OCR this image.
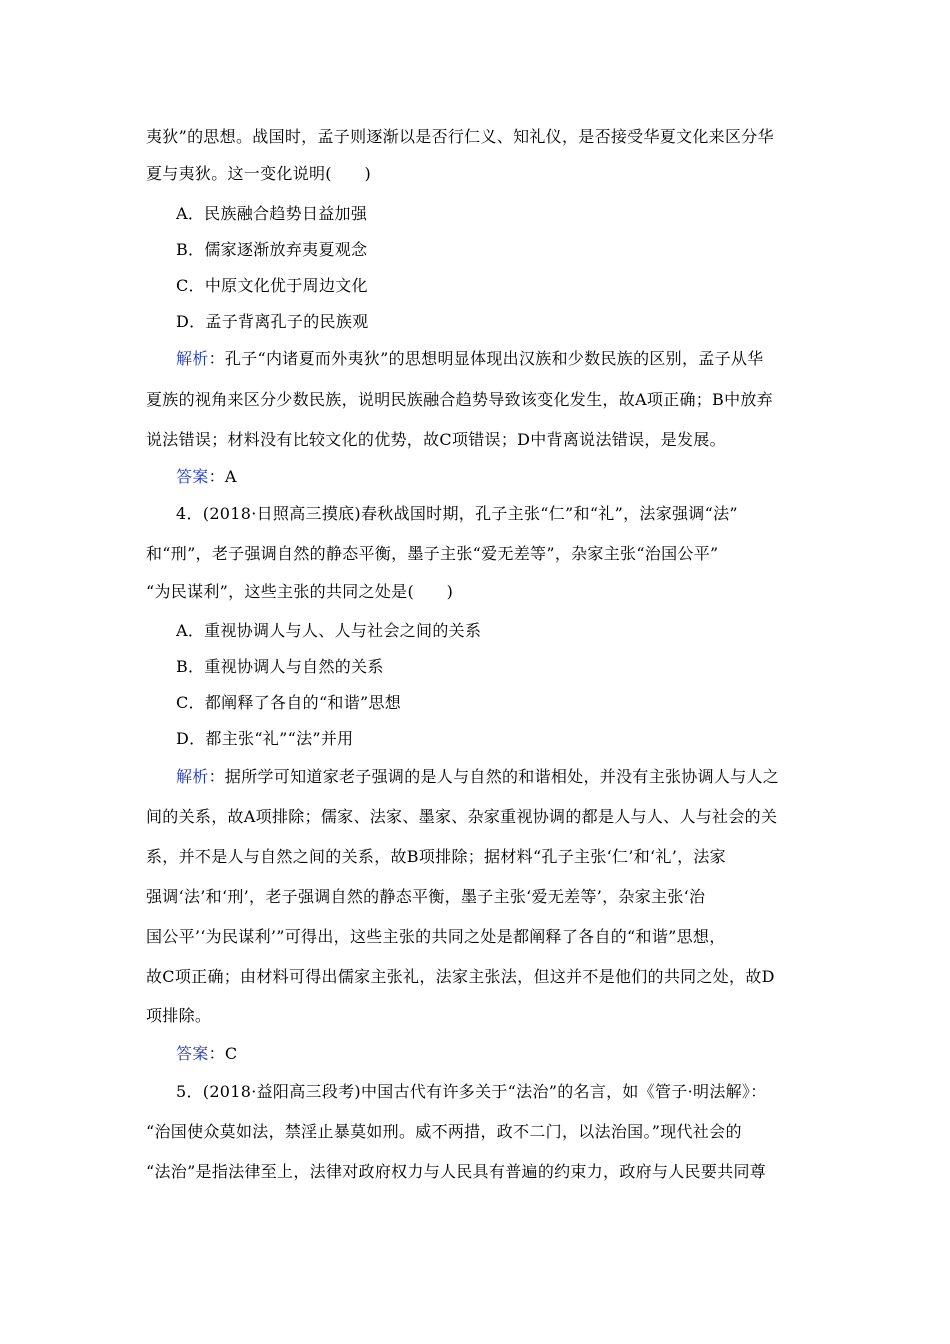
夷狄”的思想。战国时，孟子则逐渐以是否行仁义、知礼仪，是否接受华夏文化来区分华
夏与夷狄。这一变化说明(　　)
A．民族融合趋势日益加强
B．儒家逐渐放弃夷夏观念
C．中原文化优于周边文化
D．孟子背离孔子的民族观
解析：孔子“内诸夏而外夷狄”的思想明显体现出汉族和少数民族的区别，孟子从华
夏族的视角来区分少数民族，说明民族融合趋势导致该变化发生，故A项正确；B中放弃
说法错误；材料没有比较文化的优势，故C项错误；D中背离说法错误，是发展。
答案：A
4．(2018·日照高三摸底)春秋战国时期，孔子主张“仁”和“礼”，法家强调“法”
和“刑”，老子强调自然的静态平衡，墨子主张“爱无差等”，杂家主张“治国公平”
“为民谋利”，这些主张的共同之处是(　　)
A．重视协调人与人、人与社会之间的关系
B．重视协调人与自然的关系
C．都阐释了各自的“和谐”思想
D．都主张“礼”“法”并用
解析：据所学可知道家老子强调的是人与自然的和谐相处，并没有主张协调人与人之
间的关系，故A项排除；儒家、法家、墨家、杂家重视协调的都是人与人、人与社会的关
系，并不是人与自然之间的关系，故B项排除；据材料“孔子主张‘仁’和‘礼’，法家
强调‘法’和‘刑’，老子强调自然的静态平衡，墨子主张‘爱无差等’，杂家主张‘治
国公平’‘为民谋利’”可得出，这些主张的共同之处是都阐释了各自的“和谐”思想，
故C项正确；由材料可得出儒家主张礼，法家主张法，但这并不是他们的共同之处，故D
项排除。
答案：C
5．(2018·益阳高三段考)中国古代有许多关于“法治”的名言，如《管子·明法解》：
“治国使众莫如法，禁淫止暴莫如刑。威不两措，政不二门，以法治国。”现代社会的
“法治”是指法律至上，法律对政府权力与人民具有普遍的约束力，政府与人民要共同尊
